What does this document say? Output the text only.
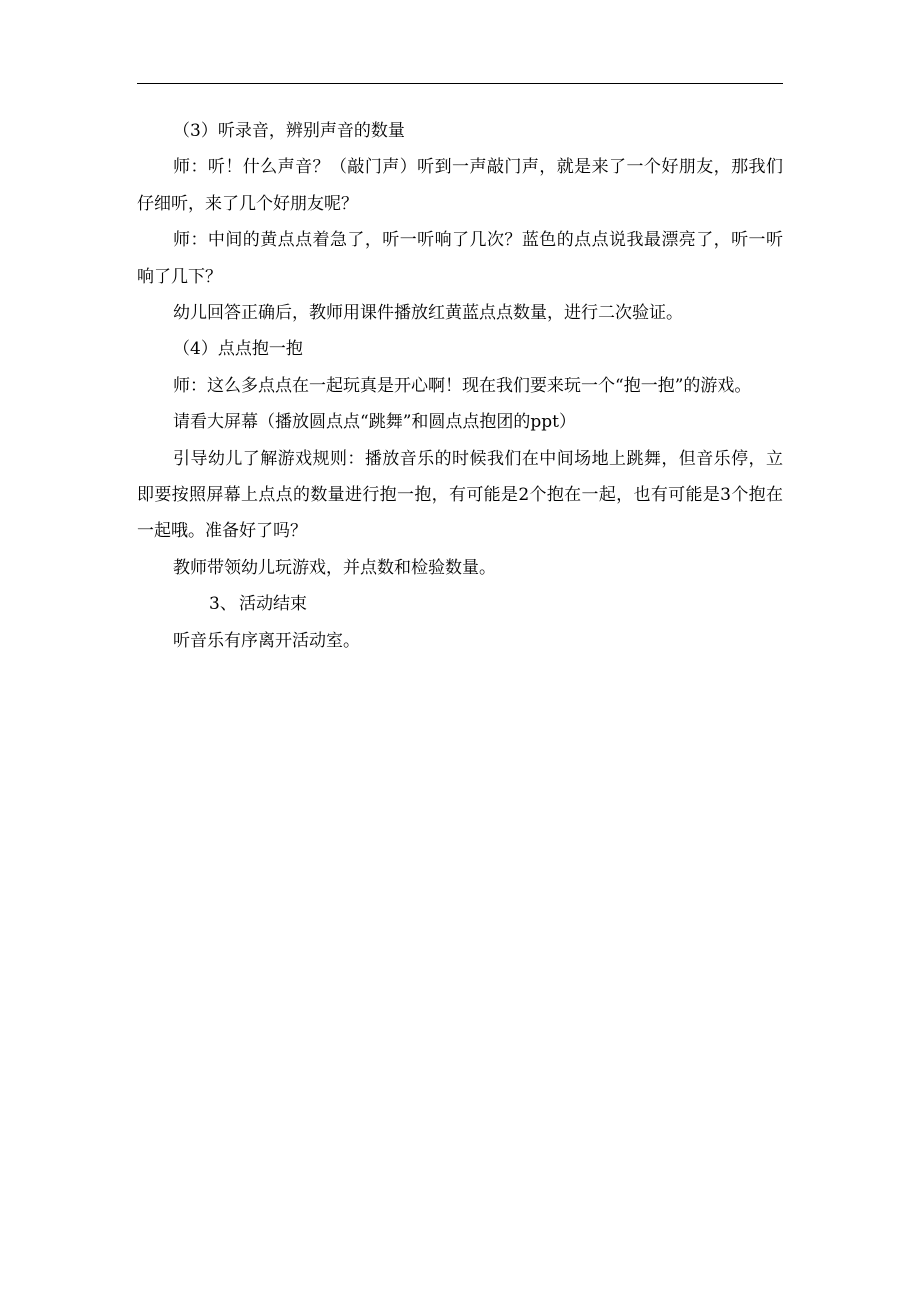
（3）听录音，辨别声音的数量

师：听！什么声音？（敲门声）听到一声敲门声，就是来了一个好朋友，那我们仔细听，来了几个好朋友呢？

师：中间的黄点点着急了，听一听响了几次？蓝色的点点说我最漂亮了，听一听响了几下？

幼儿回答正确后，教师用课件播放红黄蓝点点数量，进行二次验证。

（4）点点抱一抱

师：这么多点点在一起玩真是开心啊！现在我们要来玩一个“抱一抱”的游戏。

请看大屏幕（播放圆点点“跳舞”和圆点点抱团的ppt）

引导幼儿了解游戏规则：播放音乐的时候我们在中间场地上跳舞，但音乐停，立即要按照屏幕上点点的数量进行抱一抱，有可能是2个抱在一起，也有可能是3个抱在一起哦。准备好了吗？

教师带领幼儿玩游戏，并点数和检验数量。

3、 活动结束

听音乐有序离开活动室。
